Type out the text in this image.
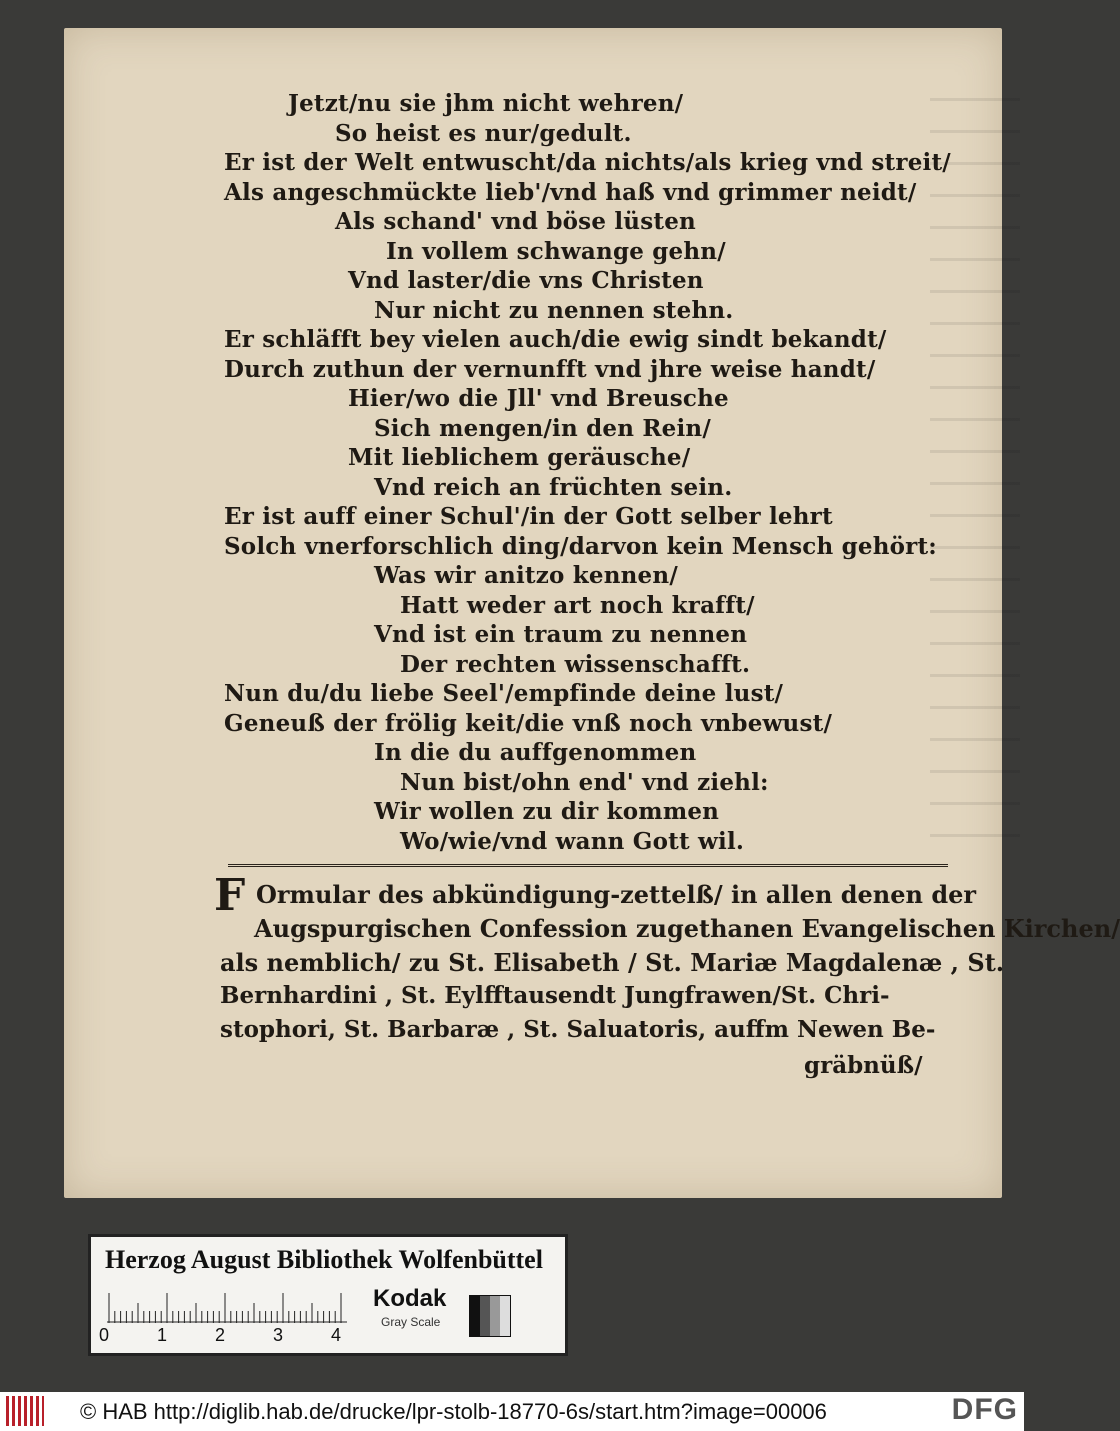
Jetzt/nu sie jhm nicht wehren/
So heist es nur/gedult.
Er ist der Welt entwuscht/da nichts/als krieg vnd streit/
Als angeschmückte lieb'/vnd haß vnd grimmer neidt/
Als schand' vnd böse lüsten
In vollem schwange gehn/
Vnd laster/die vns Christen
Nur nicht zu nennen stehn.
Er schläfft bey vielen auch/die ewig sindt bekandt/
Durch zuthun der vernunfft vnd jhre weise handt/
Hier/wo die Jll' vnd Breusche
Sich mengen/in den Rein/
Mit lieblichem geräusche/
Vnd reich an früchten sein.
Er ist auff einer Schul'/in der Gott selber lehrt
Solch vnerforschlich ding/darvon kein Mensch gehört:
Was wir anitzo kennen/
Hatt weder art noch krafft/
Vnd ist ein traum zu nennen
Der rechten wissenschafft.
Nun du/du liebe Seel'/empfinde deine lust/
Geneuß der frölig keit/die vnß noch vnbewust/
In die du auffgenommen
Nun bist/ohn end' vnd ziehl:
Wir wollen zu dir kommen
Wo/wie/vnd wann Gott wil.
F Ormular des abkündigung-zettelß/ in allen denen der
Augspurgischen Confession zugethanen Evangelischen Kirchen/
als nemblich/ zu St. Elisabeth / St. Mariæ Magdalenæ , St.
Bernhardini , St. Eylfftausendt Jungfrawen/St. Chri-
stophori, St. Barbaræ , St. Saluatoris, auffm Newen Be-
gräbnüß/
Herzog August Bibliothek Wolfenbüttel
0	1	2	3	4
Kodak
Gray Scale
© HAB http://diglib.hab.de/drucke/lpr-stolb-18770-6s/start.htm?image=00006	DFG
